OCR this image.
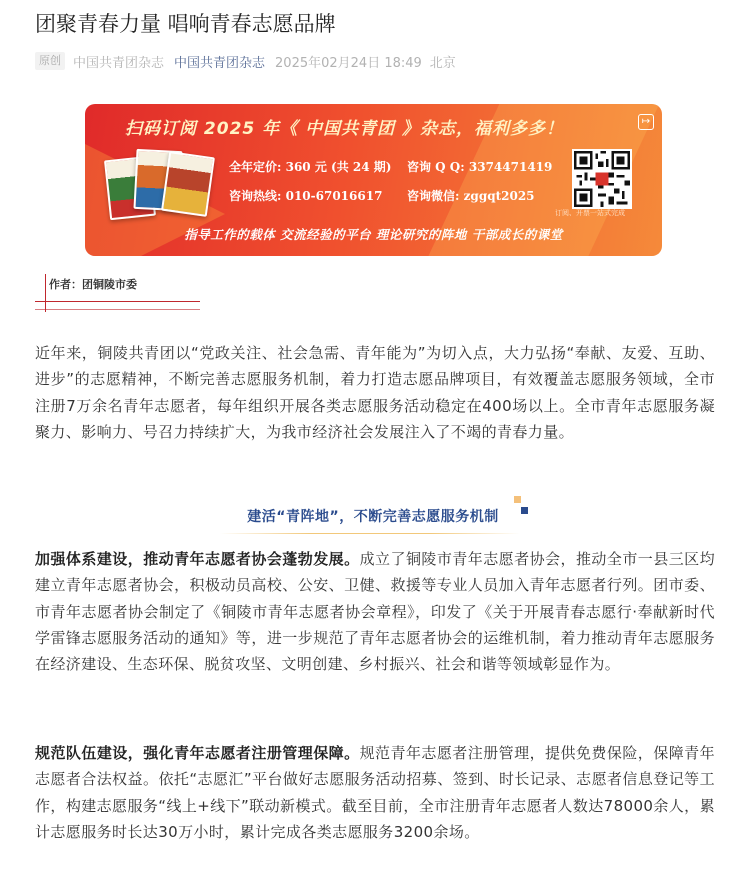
团聚青春力量 唱响青春志愿品牌
原创 中国共青团杂志 中国共青团杂志 2025年02月24日 18:49 北京
扫码订阅 2025 年《 中国共青团 》杂志，福利多多！	↦
全年定价: 360 元 (共 24 期) 咨询 Q Q: 3374471419
咨询热线: 010-67016617 咨询微信: zggqt2025
订阅、开票一站式完成
指导工作的载体 交流经验的平台 理论研究的阵地 干部成长的课堂
作者：团铜陵市委

近年来，铜陵共青团以“党政关注、社会急需、青年能为”为切入点，大力弘扬“奉献、友爱、互助、进步”的志愿精神，不断完善志愿服务机制，着力打造志愿品牌项目，有效覆盖志愿服务领域，全市注册7万余名青年志愿者，每年组织开展各类志愿服务活动稳定在400场以上。全市青年志愿服务凝聚力、影响力、号召力持续扩大，为我市经济社会发展注入了不竭的青春力量。

建活“青阵地”，不断完善志愿服务机制

加强体系建设，推动青年志愿者协会蓬勃发展。成立了铜陵市青年志愿者协会，推动全市一县三区均建立青年志愿者协会，积极动员高校、公安、卫健、救援等专业人员加入青年志愿者行列。团市委、市青年志愿者协会制定了《铜陵市青年志愿者协会章程》，印发了《关于开展青春志愿行·奉献新时代学雷锋志愿服务活动的通知》等，进一步规范了青年志愿者协会的运维机制，着力推动青年志愿服务在经济建设、生态环保、脱贫攻坚、文明创建、乡村振兴、社会和谐等领域彰显作为。

规范队伍建设，强化青年志愿者注册管理保障。规范青年志愿者注册管理，提供免费保险，保障青年志愿者合法权益。依托“志愿汇”平台做好志愿服务活动招募、签到、时长记录、志愿者信息登记等工作，构建志愿服务“线上+线下”联动新模式。截至目前，全市注册青年志愿者人数达78000余人，累计志愿服务时长达30万小时，累计完成各类志愿服务3200余场。
